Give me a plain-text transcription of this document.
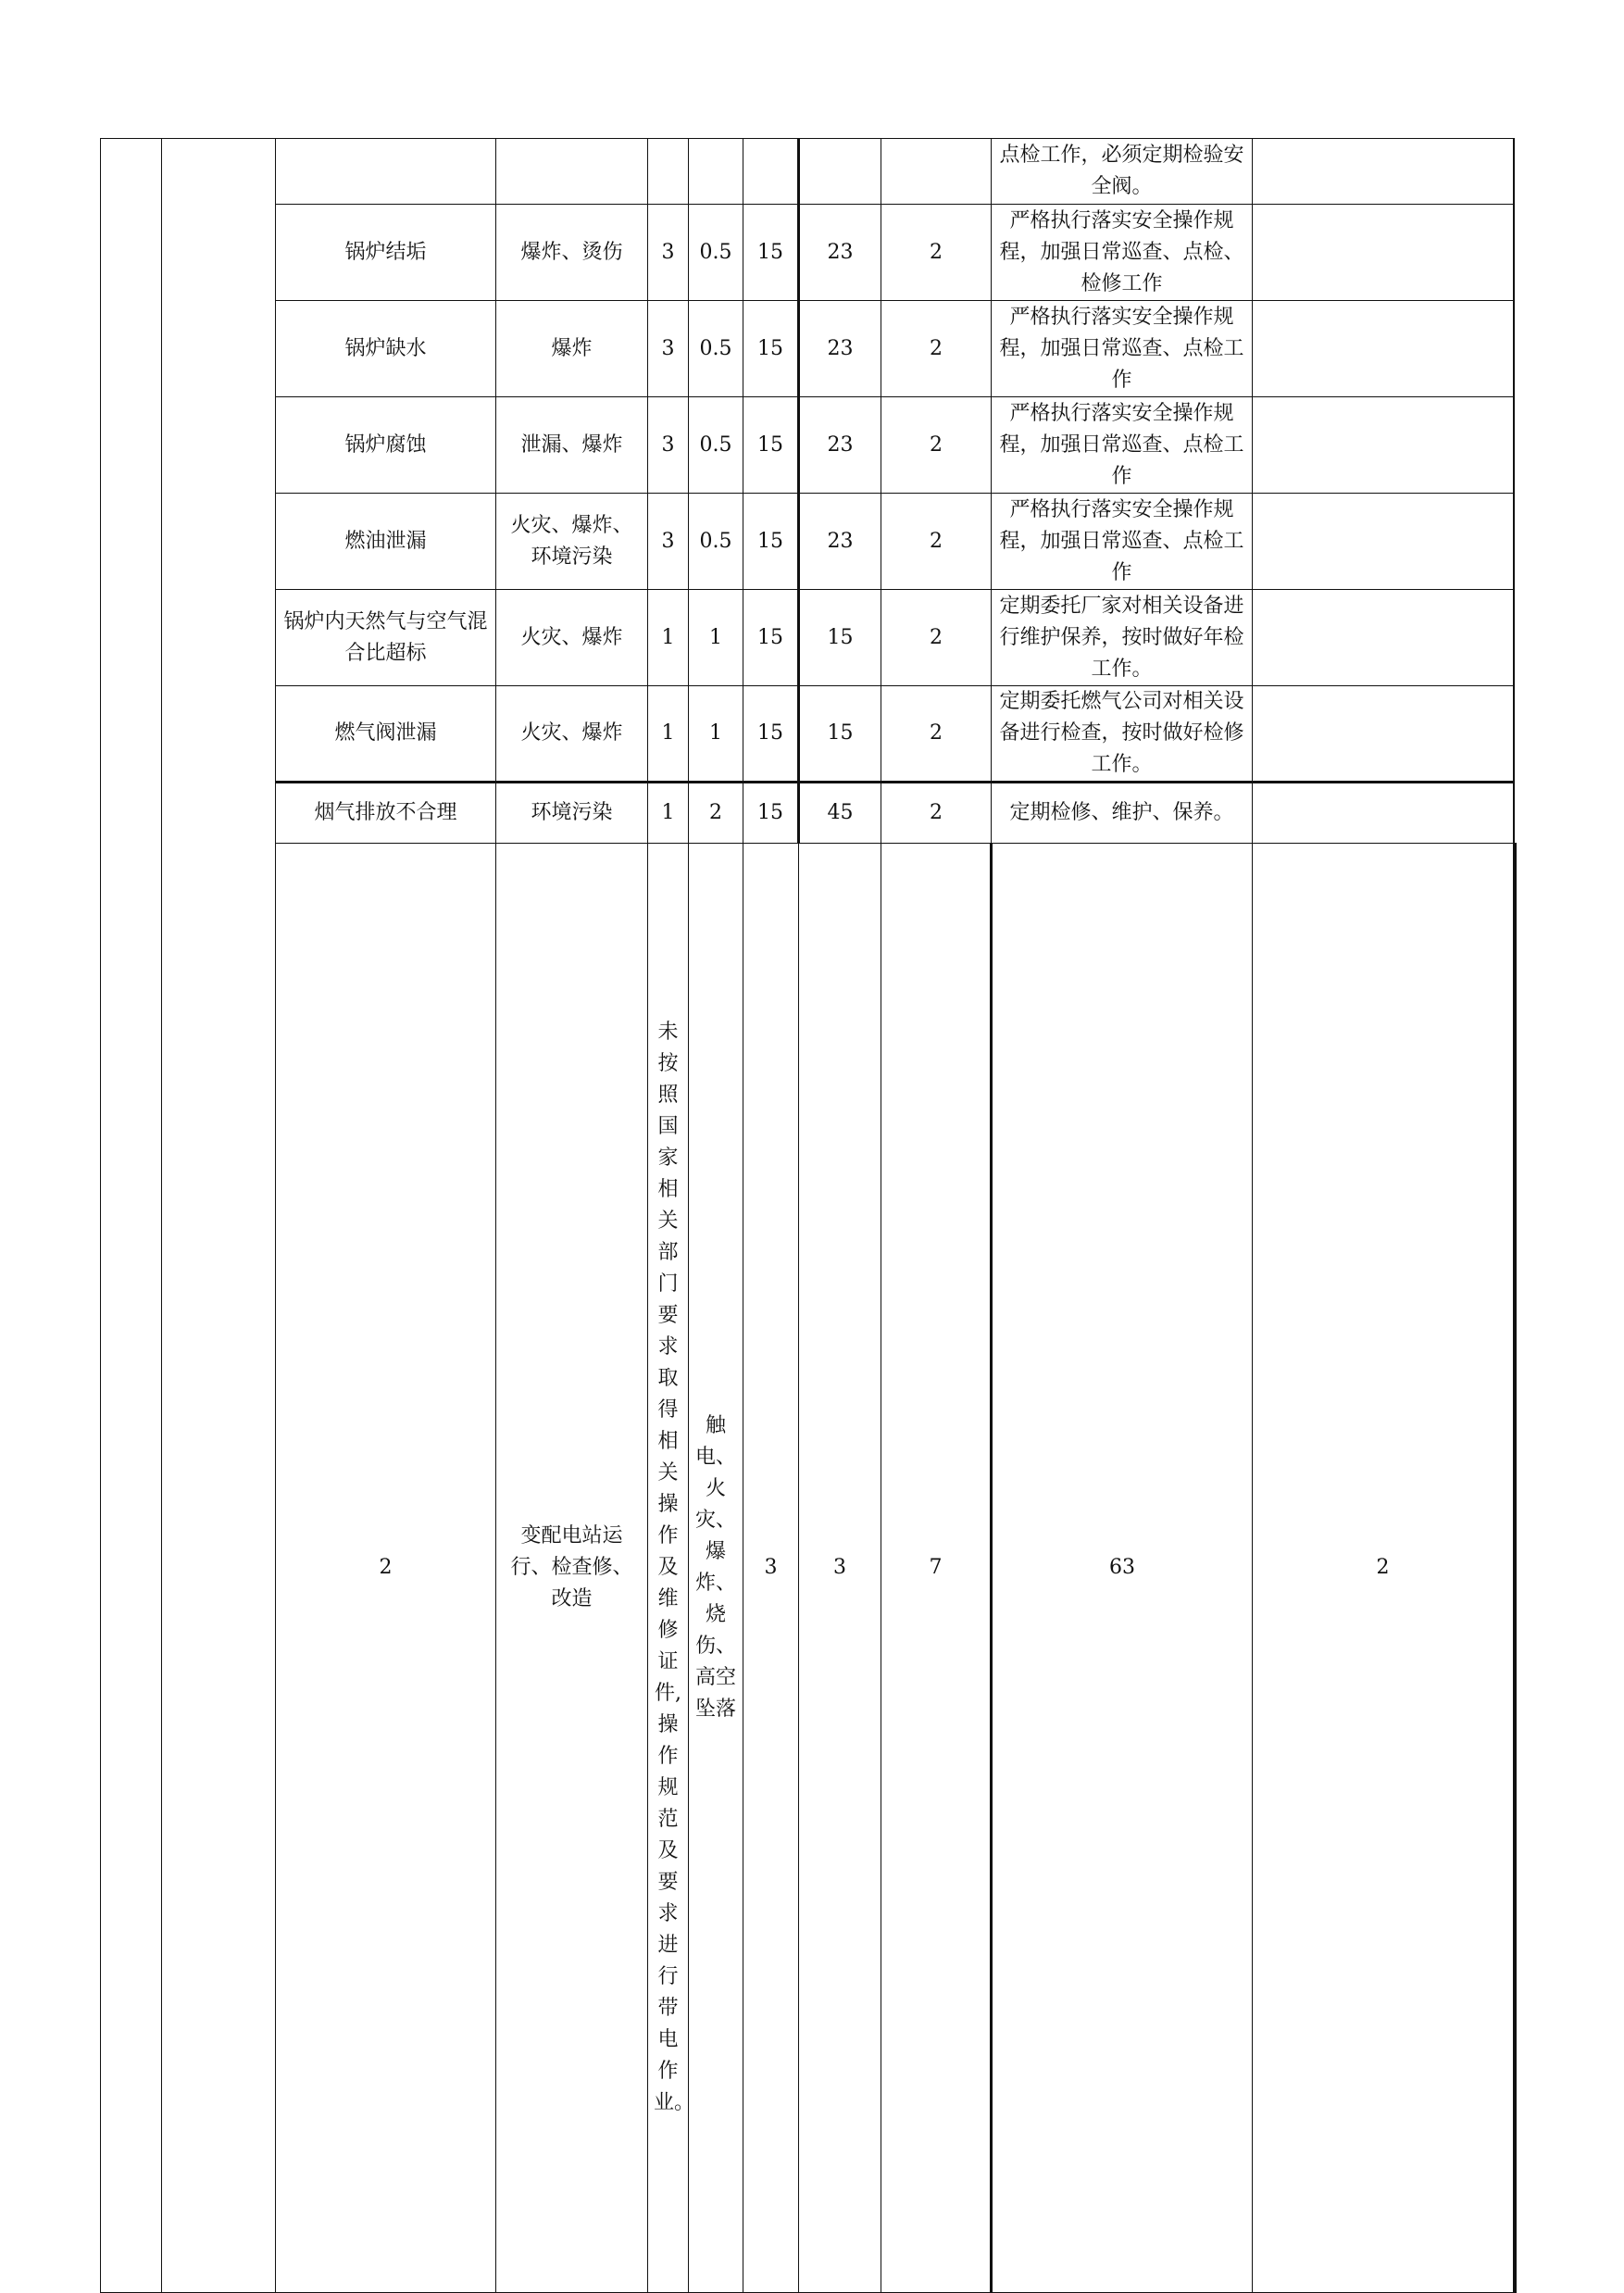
									点检工作，必须定期检验安全阀。		
		锅炉结垢	爆炸、烫伤	3	0.5	15	23	2	严格执行落实安全操作规程，加强日常巡查、点检、检修工作		
		锅炉缺水	爆炸	3	0.5	15	23	2	严格执行落实安全操作规程，加强日常巡查、点检工作		
		锅炉腐蚀	泄漏、爆炸	3	0.5	15	23	2	严格执行落实安全操作规程，加强日常巡查、点检工作		
		燃油泄漏	火灾、爆炸、环境污染	3	0.5	15	23	2	严格执行落实安全操作规程，加强日常巡查、点检工作		
		锅炉内天然气与空气混合比超标	火灾、爆炸	1	1	15	15	2	定期委托厂家对相关设备进行维护保养，按时做好年检工作。		
		燃气阀泄漏	火灾、爆炸	1	1	15	15	2	定期委托燃气公司对相关设备进行检查，按时做好检修工作。		
		烟气排放不合理	环境污染	1	2	15	45	2	定期检修、维护、保养。		
		2	变配电站运行、检查修、改造	未按照国家相关部门要求取得相关操作及维修证件,操作规范及要求进行带电作业。	触电、火灾、爆炸、烧伤、高空坠落	3	3	7	63	2		
